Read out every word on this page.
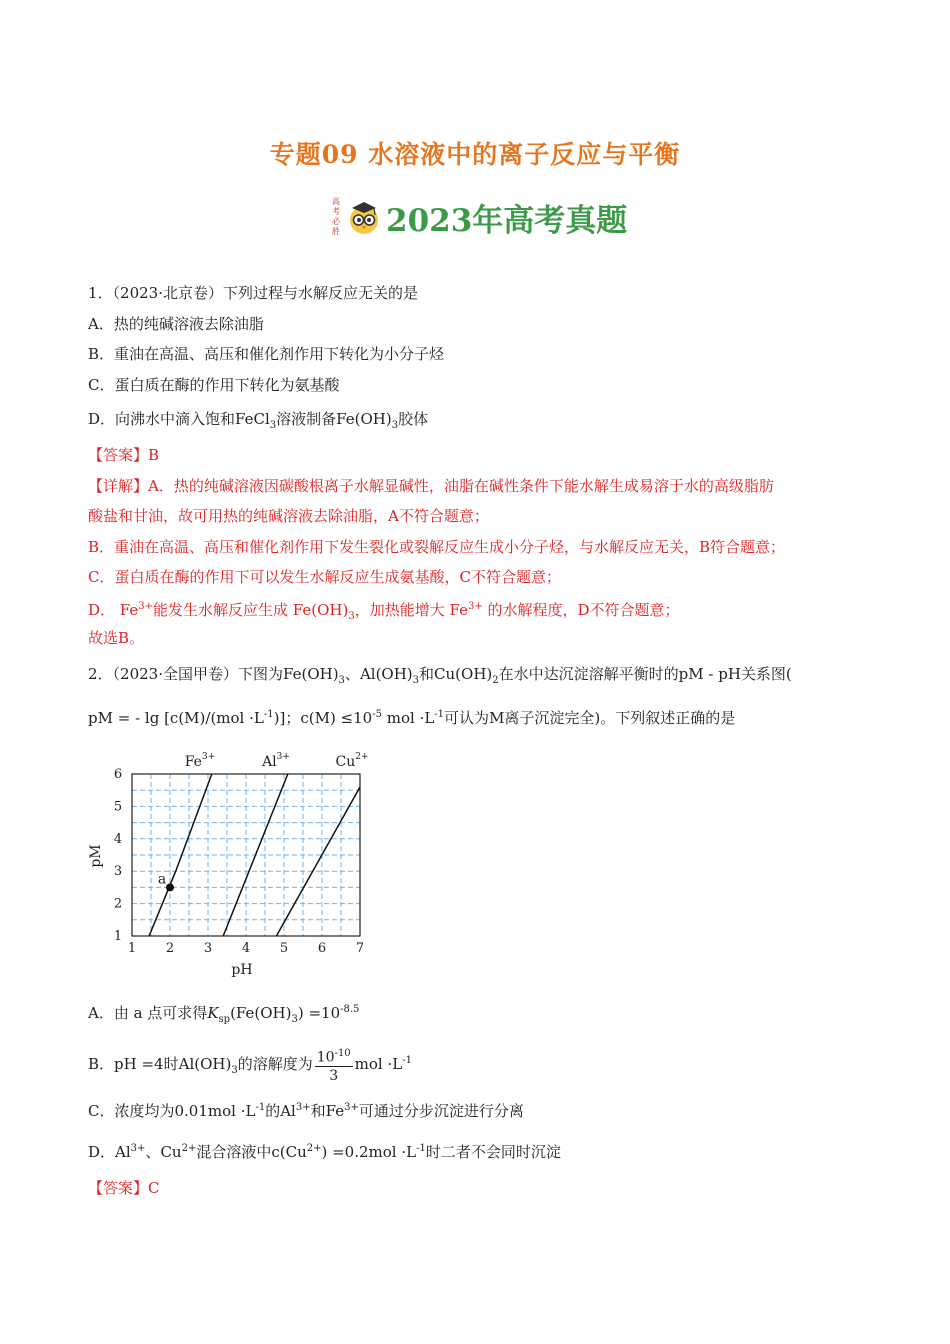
专题09 水溶液中的离子反应与平衡
高考必胜 2023年高考真题
1．（2023·北京卷）下列过程与水解反应无关的是
A．热的纯碱溶液去除油脂
B．重油在高温、高压和催化剂作用下转化为小分子烃
C．蛋白质在酶的作用下转化为氨基酸
D．向沸水中滴入饱和FeCl$_3$溶液制备$Fe(OH)_3$胶体
【答案】B
【详解】A．热的纯碱溶液因碳酸根离子水解显碱性，油脂在碱性条件下能水解生成易溶于水的高级脂肪
酸盐和甘油，故可用热的纯碱溶液去除油脂，A不符合题意；
B．重油在高温、高压和催化剂作用下发生裂化或裂解反应生成小分子烃，与水解反应无关，B符合题意；
C．蛋白质在酶的作用下可以发生水解反应生成氨基酸，C不符合题意；
D． $Fe^{3+}$能发生水解反应生成 $Fe(OH)_3$，加热能增大 $Fe^{3+}$ 的水解程度，D不符合题意；
故选B。
2．（2023·全国甲卷）下图为$Fe(OH)_3$、$Al(OH)_3$和$Cu(OH)_2$在水中达沉淀溶解平衡时的pM - pH关系图(
pM = - $\lg [c(M)/(mol \cdot L^{-1})]$；$c(M) \le 10^{-5}$ mol $\cdot L^{-1}$可认为M离子沉淀完全)。下列叙述正确的是
1 2 3 4 5 6 7
1
2
3
4
5
6
$Fe^{3+}$	$Al^{3+}$	$Cu^{2+}$
a
pH
pM
A．由 a 点可求得$K_{sp}(Fe(OH)_3) =10^{-8.5}$
B．pH =4时$Al(OH)_3$的溶解度为 $\frac{10^{-10}}{3}$ mol $\cdot L^{-1}$
C．浓度均为$0.01mol \cdot L^{-1}$的$Al^{3+}$和$Fe^{3+}$可通过分步沉淀进行分离
D．$Al^{3+}$、$Cu^{2+}$混合溶液中$c(Cu^{2+}) =0.2mol \cdot L^{-1}$时二者不会同时沉淀
【答案】C
